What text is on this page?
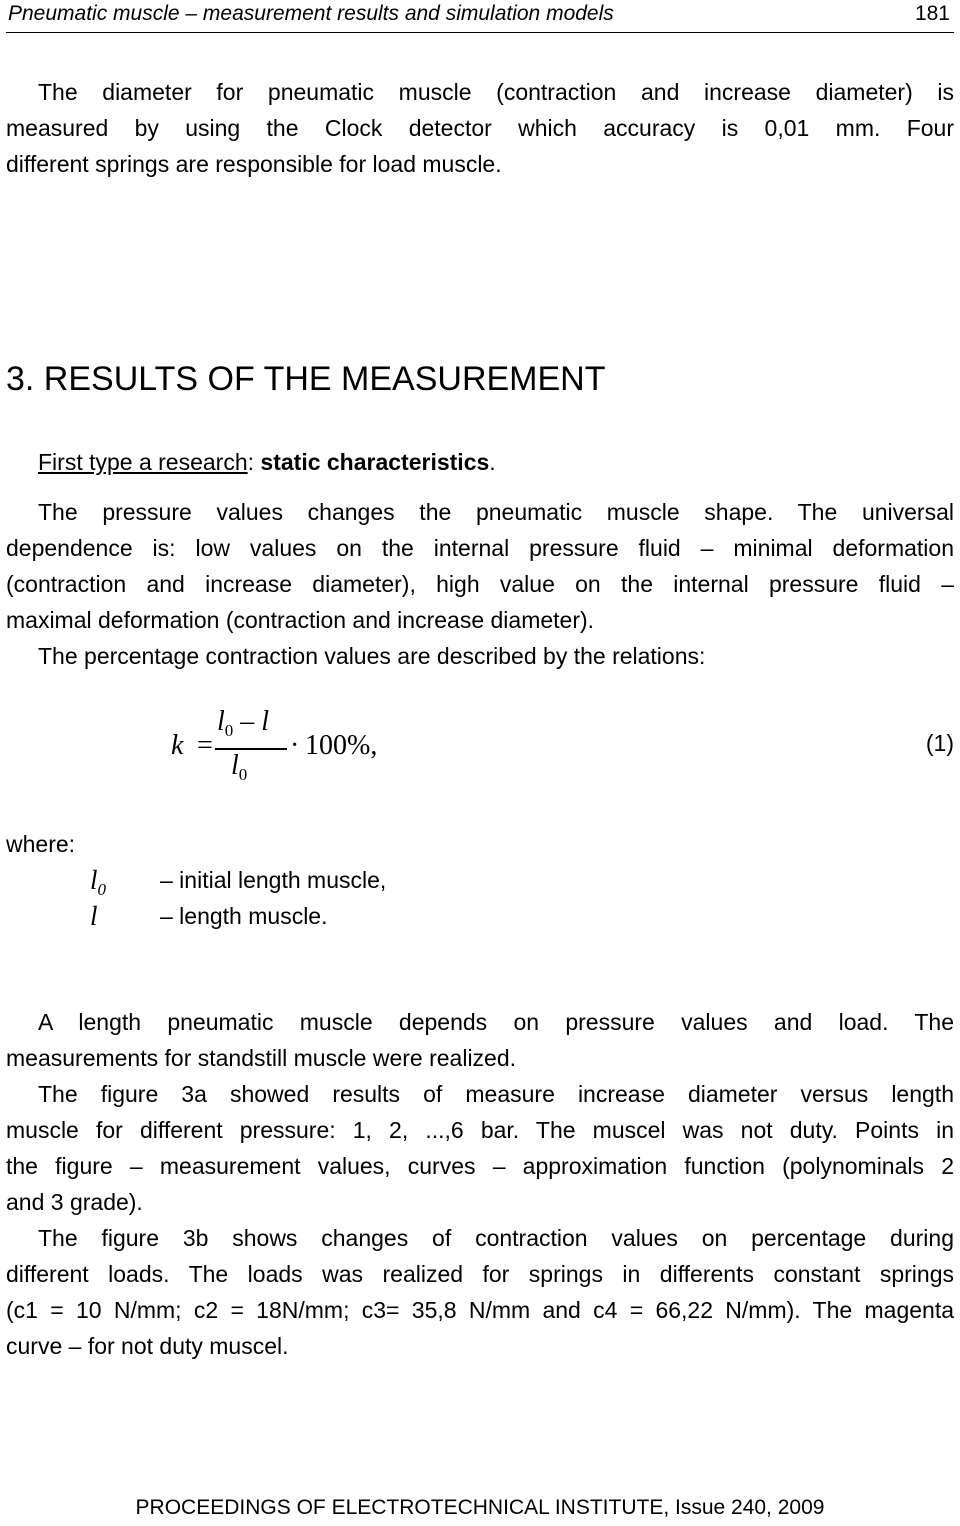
Pneumatic muscle – measurement results and simulation models	181
The diameter for pneumatic muscle (contraction and increase diameter) is
measured by using the Clock detector which accuracy is 0,01 mm. Four
different springs are responsible for load muscle.
3. RESULTS OF THE MEASUREMENT
First type a research: static characteristics.
The pressure values changes the pneumatic muscle shape. The universal
dependence is: low values on the internal pressure fluid – minimal deformation
(contraction and increase diameter), high value on the internal pressure fluid –
maximal deformation (contraction and increase diameter).
The percentage contraction values are described by the relations:
k =
$l_0$ – l
$l_0$
· 100%,	(1)
where:
$l_0$ – initial length muscle,
l	– length muscle.
A length pneumatic muscle depends on pressure values and load. The
measurements for standstill muscle were realized.
The figure 3a showed results of measure increase diameter versus length
muscle for different pressure: 1, 2, ...,6 bar. The muscel was not duty. Points in
the figure – measurement values, curves – approximation function (polynominals 2
and 3 grade).
The figure 3b shows changes of contraction values on percentage during
different loads. The loads was realized for springs in differents constant springs
(c1 = 10 N/mm; c2 = 18N/mm; c3= 35,8 N/mm and c4 = 66,22 N/mm). The magenta
curve – for not duty muscel.
PROCEEDINGS OF ELECTROTECHNICAL INSTITUTE, Issue 240, 2009
